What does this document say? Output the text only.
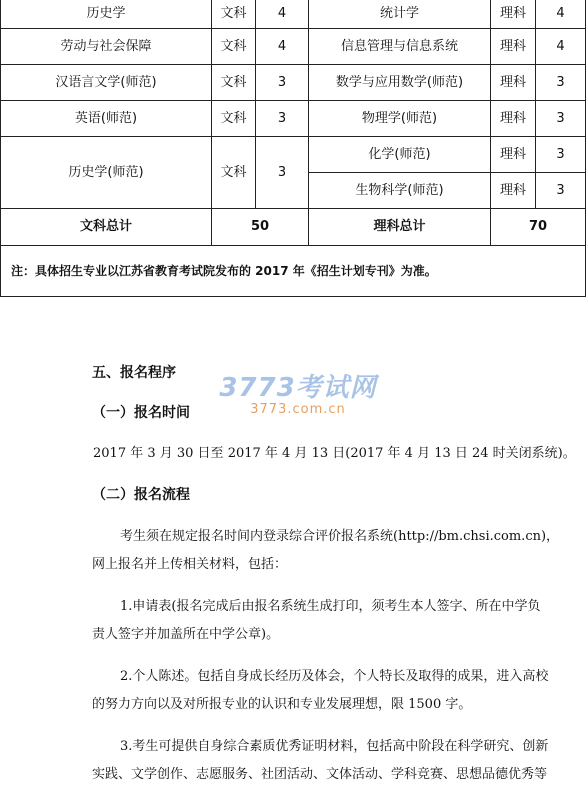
历史学	文科	4	统计学	理科	4
劳动与社会保障	文科	4	信息管理与信息系统	理科	4
汉语言文学(师范)	文科	3	数学与应用数学(师范)	理科	3
英语(师范)	文科	3	物理学(师范)	理科	3
历史学(师范)	文科	3	化学(师范)	理科	3
			生物科学(师范)	理科	3
文科总计	50		理科总计	70	
注：具体招生专业以江苏省教育考试院发布的 2017 年《招生计划专刊》为准。					
3773考试网
3773.com.cn
五、报名程序
（一）报名时间
2017 年 3 月 30 日至 2017 年 4 月 13 日(2017 年 4 月 13 日 24 时关闭系统)。
（二）报名流程
考生须在规定报名时间内登录综合评价报名系统(http://bm.chsi.com.cn)，
网上报名并上传相关材料，包括：
1.申请表(报名完成后由报名系统生成打印，须考生本人签字、所在中学负
责人签字并加盖所在中学公章)。
2.个人陈述。包括自身成长经历及体会，个人特长及取得的成果，进入高校
的努力方向以及对所报专业的认识和专业发展理想，限 1500 字。
3.考生可提供自身综合素质优秀证明材料，包括高中阶段在科学研究、创新
实践、文学创作、志愿服务、社团活动、文体活动、学科竞赛、思想品德优秀等
